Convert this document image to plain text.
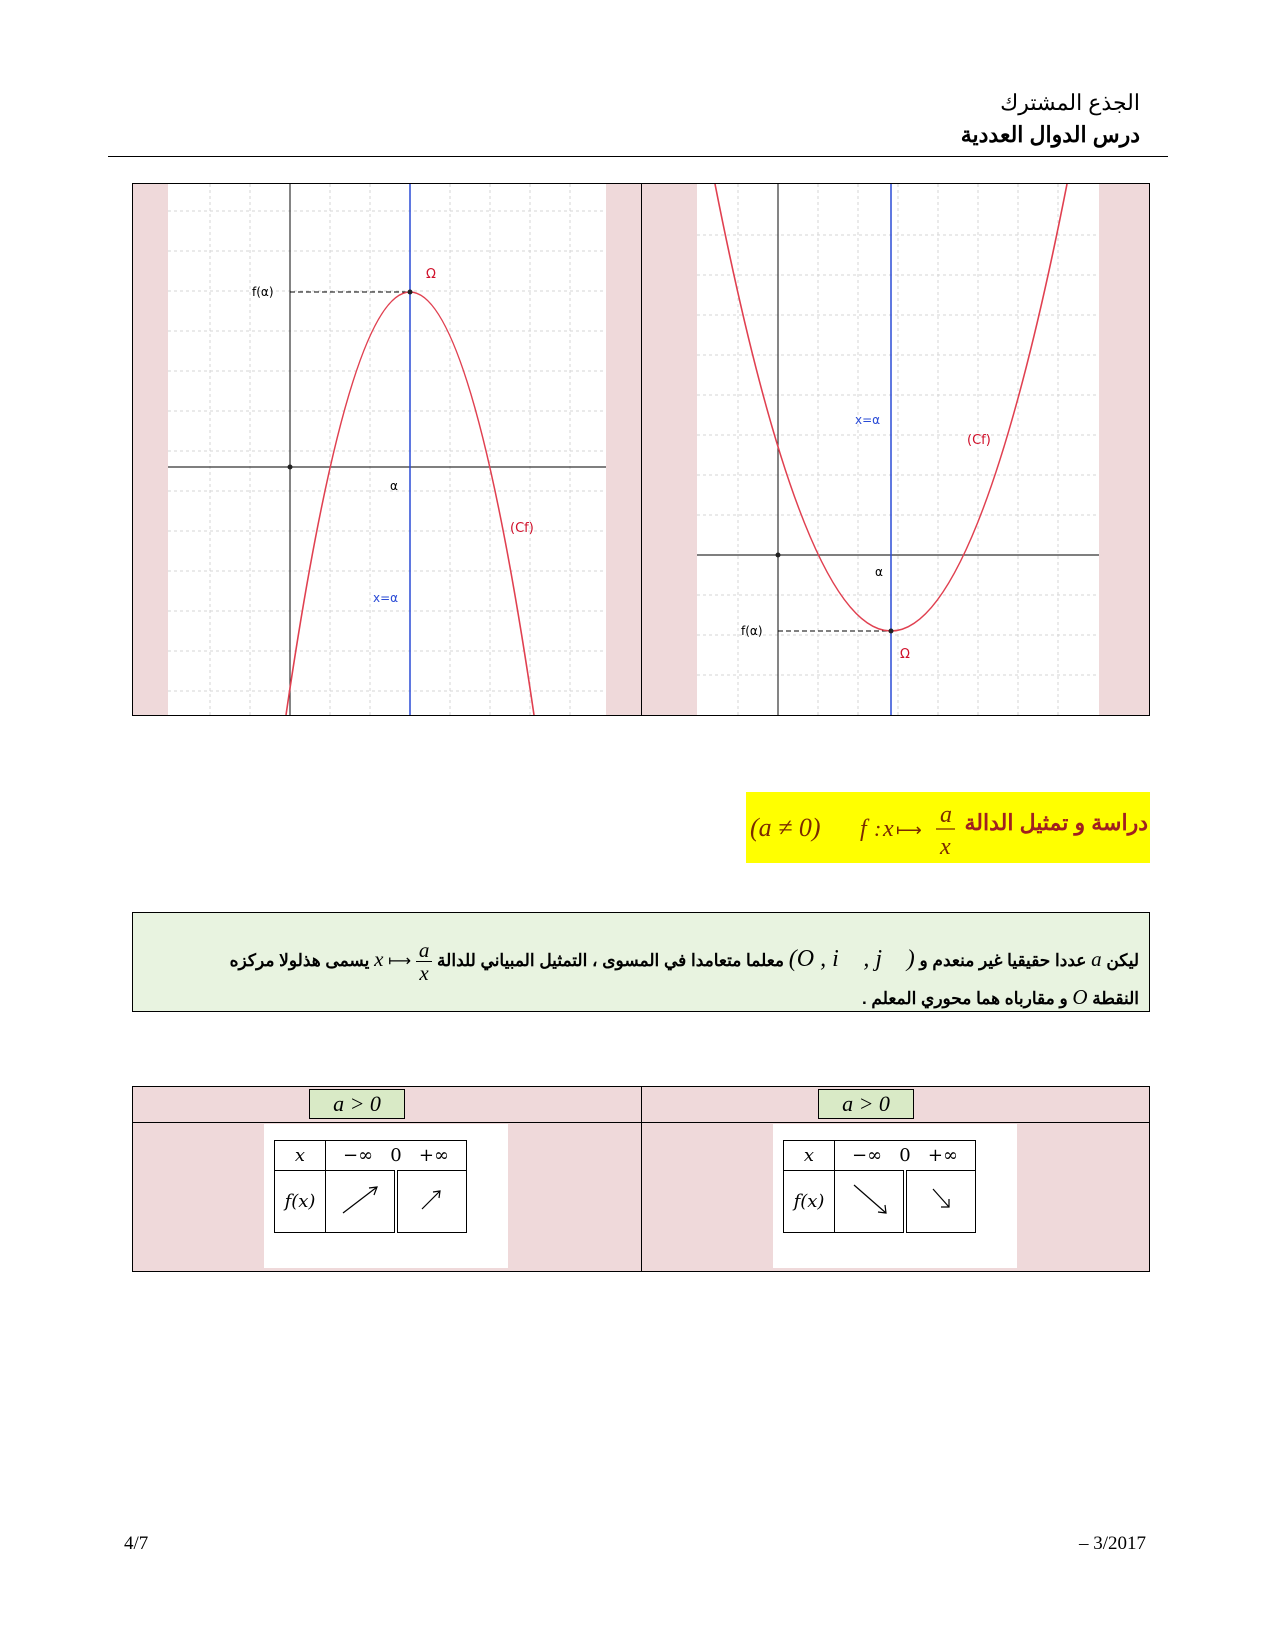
الجذع المشترك
درس الدوال العددية
Ω
f(α)
α
x=α
(Cf)
Ω
f(α)
α
x=α
(Cf)
دراسة و تمثيل الدالة
(a ≠ 0) f : x ⟼
a
x
ليكن a عددا حقيقيا غير منعدم و (O , i⃗ , j⃗ ) معلما متعامدا في المسوى ، التمثيل المبياني للدالة x ⟼ $\frac{a}{x}$
يسمى هذلولا مركزه
النقطة O و مقارباه هما محوري المعلم .
a > 0	a > 0
x	−∞ 0 +∞	
f(x)		
x	−∞ 0 +∞	
f(x)		
4/7	– 3/2017
